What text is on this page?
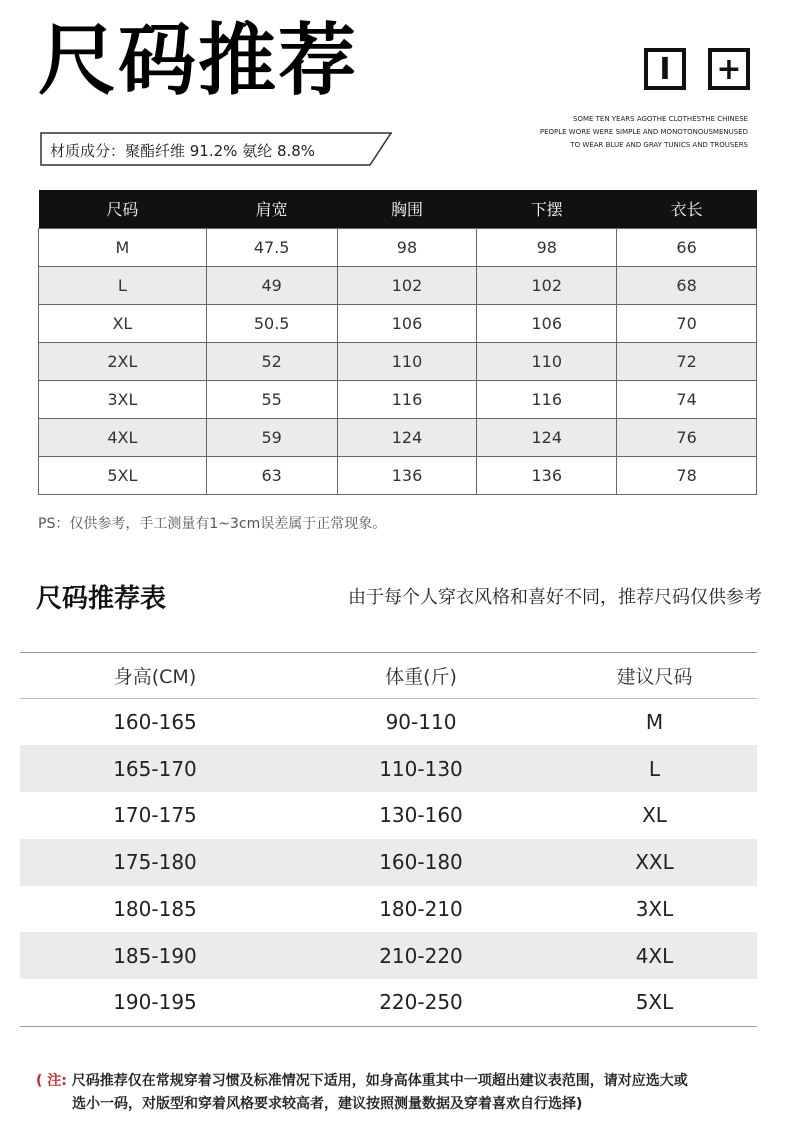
尺码推荐	I	+
SOME TEN YEARS AGOTHE CLOTHESTHE CHINESE
PEOPLE WORE WERE SIMPLE AND MONOTONOUSMENUSED
TO WEAR BLUE AND GRAY TUNICS AND TROUSERS
材质成分：聚酯纤维 91.2% 氨纶 8.8%
尺码	肩宽	胸围	下摆	衣长
M	47.5	98	98	66
L	49	102	102	68
XL	50.5	106	106	70
2XL	52	110	110	72
3XL	55	116	116	74
4XL	59	124	124	76
5XL	63	136	136	78
PS：仅供参考，手工测量有1~3cm误差属于正常现象。
尺码推荐表	由于每个人穿衣风格和喜好不同，推荐尺码仅供参考
身高(CM)	体重(斤)	建议尺码
160-165	90-110	M
165-170	110-130	L
170-175	130-160	XL
175-180	160-180	XXL
180-185	180-210	3XL
185-190	210-220	4XL
190-195	220-250	5XL
( 注: 尺码推荐仅在常规穿着习惯及标准情况下适用，如身高体重其中一项超出建议表范围，请对应选大或
选小一码，对版型和穿着风格要求较高者，建议按照测量数据及穿着喜欢自行选择)
